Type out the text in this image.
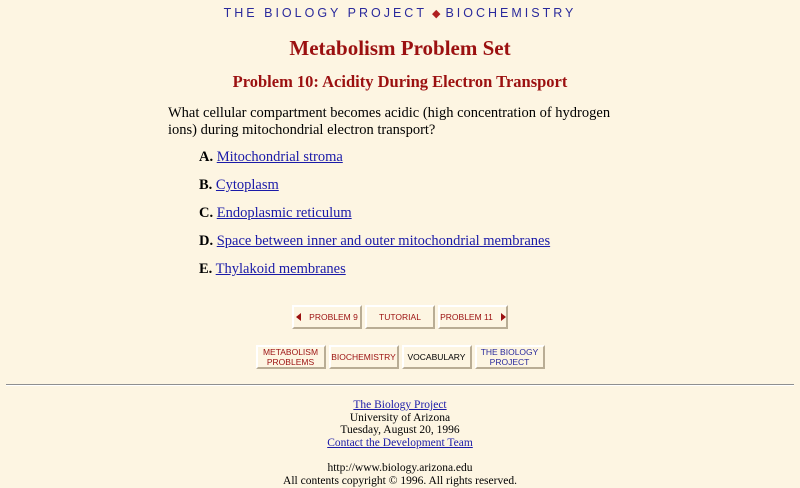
THE BIOLOGY PROJECT ◆ BIOCHEMISTRY
Metabolism Problem Set
Problem 10: Acidity During Electron Transport
What cellular compartment becomes acidic (high concentration of hydrogen ions) during mitochondrial electron transport?
A. Mitochondrial stroma
B. Cytoplasm
C. Endoplasmic reticulum
D. Space between inner and outer mitochondrial membranes
E. Thylakoid membranes
PROBLEM 9 TUTORIAL PROBLEM 11
METABOLISM
PROBLEMS BIOCHEMISTRY VOCABULARY THE BIOLOGY
PROJECT
The Biology Project
University of Arizona
Tuesday, August 20, 1996
Contact the Development Team
http://www.biology.arizona.edu
All contents copyright © 1996. All rights reserved.
